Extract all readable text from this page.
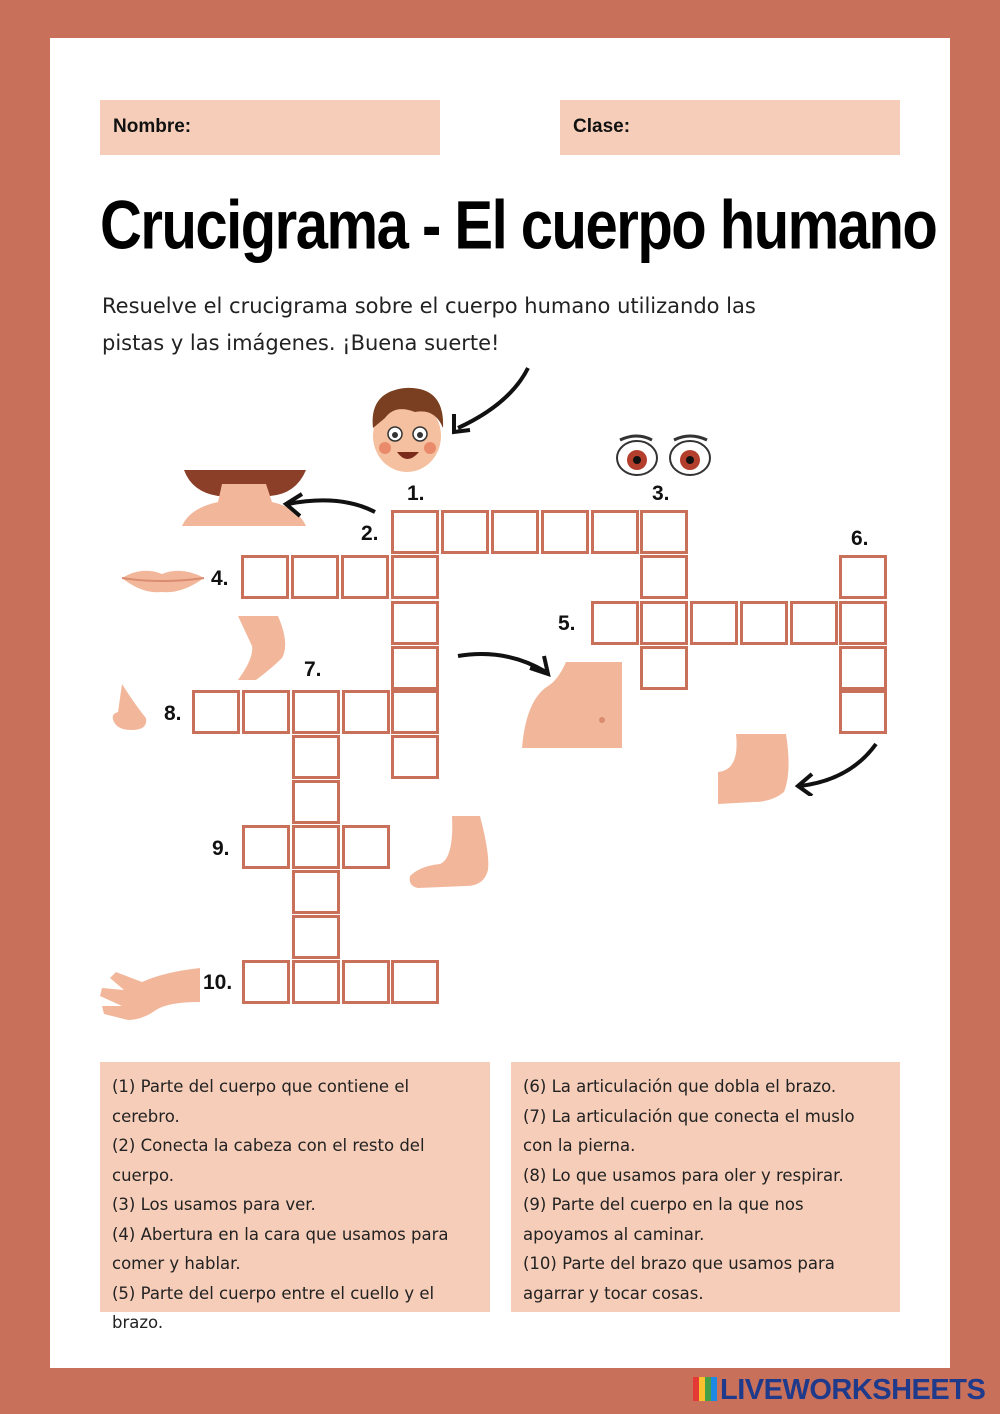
Nombre:	Clase:
Crucigrama - El cuerpo humano
Resuelve el crucigrama sobre el cuerpo humano utilizando las
pistas y las imágenes. ¡Buena suerte!
1.	3.
2.	6.
4.
5.
7.
8.
9.
10.

(1) Parte del cuerpo que contiene el cerebro.

(2) Conecta la cabeza con el resto del

cuerpo.

(3) Los usamos para ver.

(4) Abertura en la cara que usamos para

comer y hablar.

(5) Parte del cuerpo entre el cuello y el

brazo.

(6) La articulación que dobla el brazo.

(7) La articulación que conecta el muslo

con la pierna.

(8) Lo que usamos para oler y respirar.

(9) Parte del cuerpo en la que nos

apoyamos al caminar.

(10) Parte del brazo que usamos para

agarrar y tocar cosas.

LIVEWORKSHEETS
